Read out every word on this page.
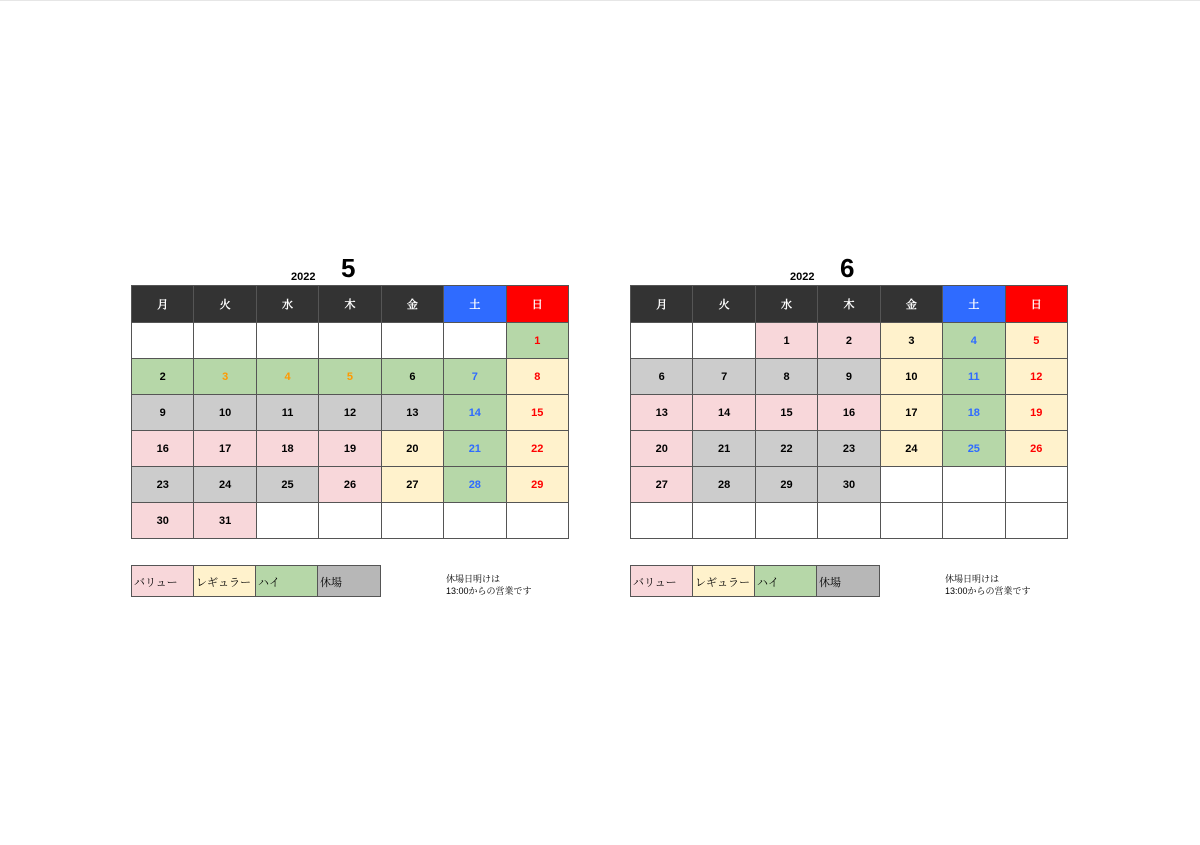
2022 5
月	火	水	木	金	土	日
						1
2	3	4	5	6	7	8
9	10	11	12	13	14	15
16	17	18	19	20	21	22
23	24	25	26	27	28	29
30	31					
2022 6
月	火	水	木	金	土	日
		1	2	3	4	5
6	7	8	9	10	11	12
13	14	15	16	17	18	19
20	21	22	23	24	25	26
27	28	29	30			

バリュー	レギュラー ハイ	休場	休場日明けは
13:00からの営業です
バリュー	レギュラー ハイ	休場	休場日明けは
13:00からの営業です
